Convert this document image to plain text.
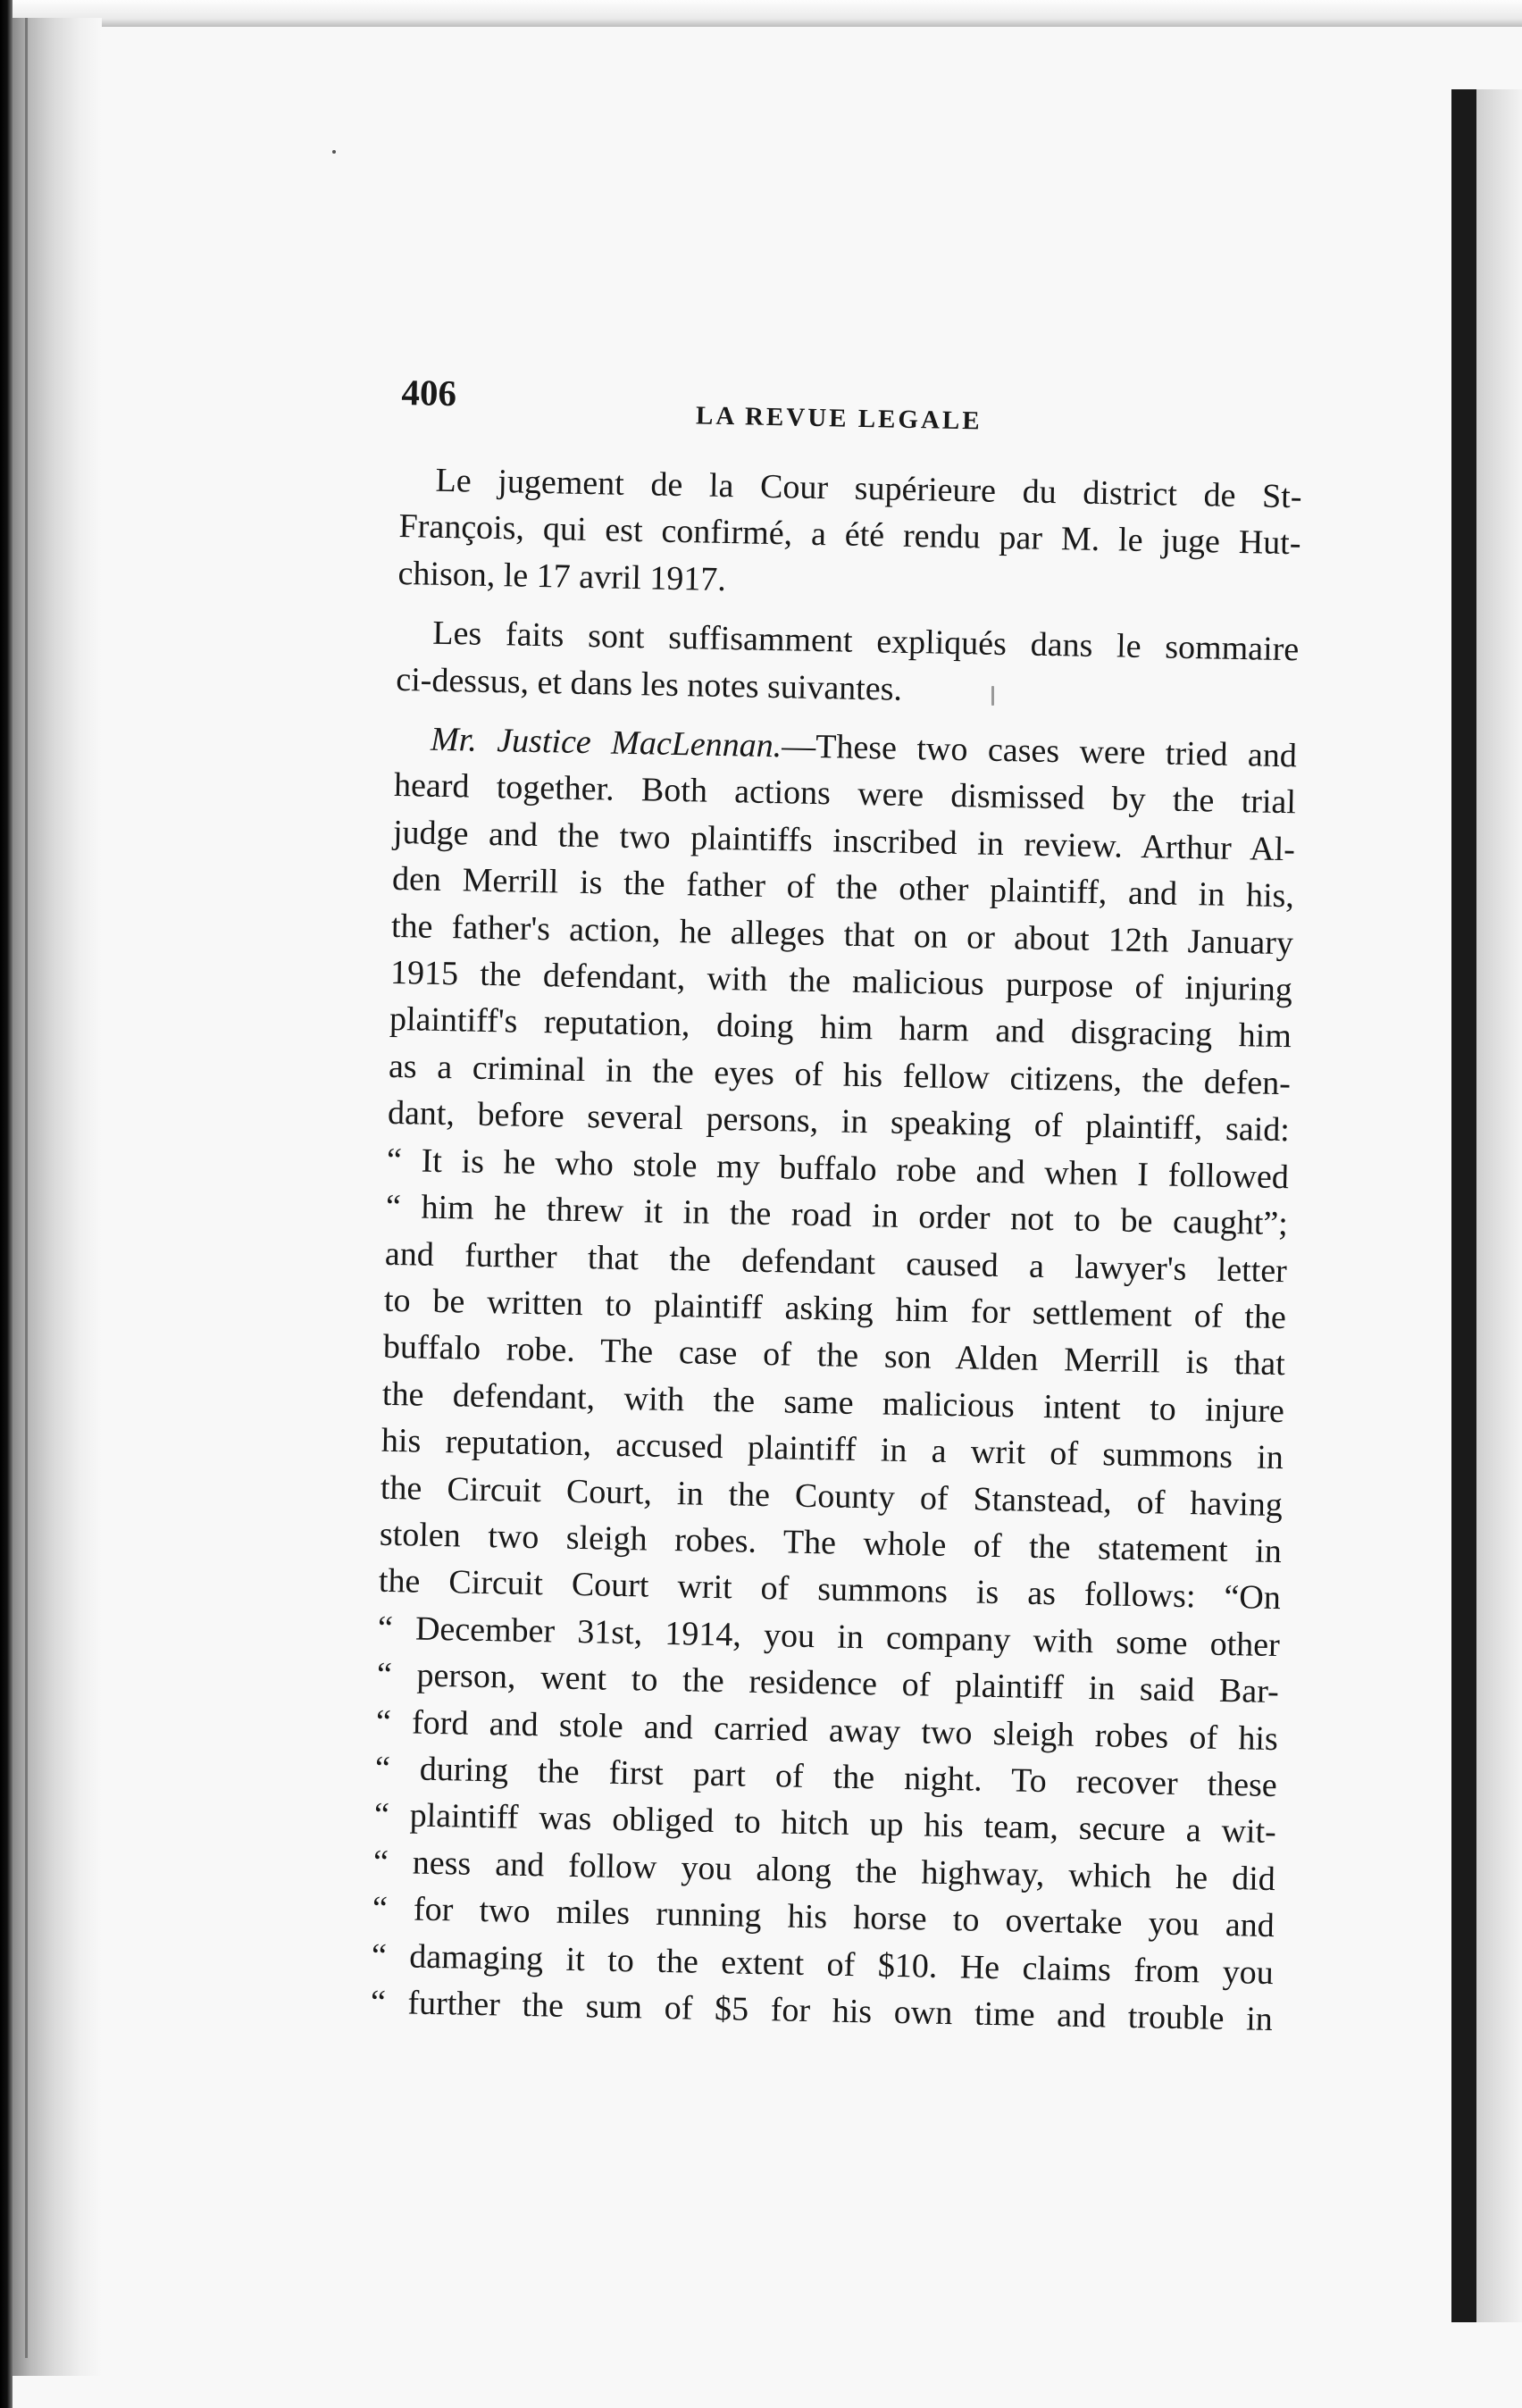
406
LA REVUE LEGALE

Le jugement de la Cour supérieure du district de St-
François, qui est confirmé, a été rendu par M. le juge Hut-
chison, le 17 avril 1917.

Les faits sont suffisamment expliqués dans le sommaire
ci-dessus, et dans les notes suivantes.

Mr. Justice MacLennan.—These two cases were tried and
heard together. Both actions were dismissed by the trial
judge and the two plaintiffs inscribed in review. Arthur Al-
den Merrill is the father of the other plaintiff, and in his,
the father's action, he alleges that on or about 12th January
1915 the defendant, with the malicious purpose of injuring
plaintiff's reputation, doing him harm and disgracing him
as a criminal in the eyes of his fellow citizens, the defen-
dant, before several persons, in speaking of plaintiff, said:
“ It is he who stole my buffalo robe and when I followed
“ him he threw it in the road in order not to be caught”;
and further that the defendant caused a lawyer's letter
to be written to plaintiff asking him for settlement of the
buffalo robe. The case of the son Alden Merrill is that
the defendant, with the same malicious intent to injure
his reputation, accused plaintiff in a writ of summons in
the Circuit Court, in the County of Stanstead, of having
stolen two sleigh robes. The whole of the statement in
the Circuit Court writ of summons is as follows: “On
“ December 31st, 1914, you in company with some other
“ person, went to the residence of plaintiff in said Bar-
“ ford and stole and carried away two sleigh robes of his
“ during the first part of the night. To recover these
“ plaintiff was obliged to hitch up his team, secure a wit-
“ ness and follow you along the highway, which he did
“ for two miles running his horse to overtake you and
“ damaging it to the extent of $10. He claims from you
“ further the sum of $5 for his own time and trouble in
